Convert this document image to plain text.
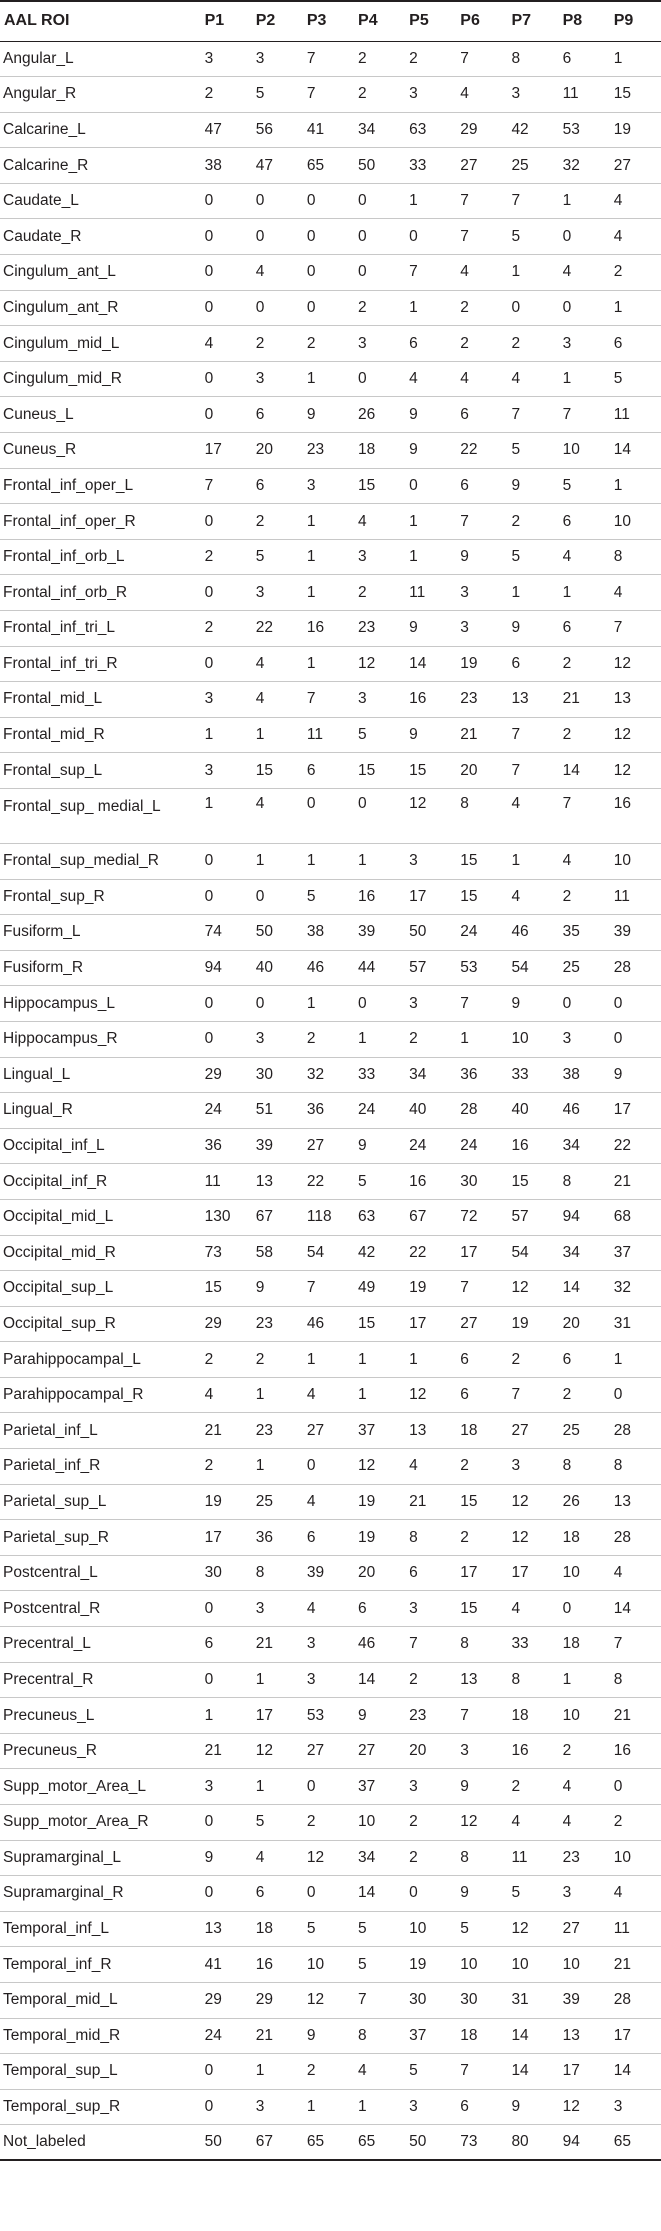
AAL ROI	P1	P2	P3	P4	P5	P6	P7	P8	P9
Angular_L	3	3	7	2	2	7	8	6	1
Angular_R	2	5	7	2	3	4	3	11	15
Calcarine_L	47	56	41	34	63	29	42	53	19
Calcarine_R	38	47	65	50	33	27	25	32	27
Caudate_L	0	0	0	0	1	7	7	1	4
Caudate_R	0	0	0	0	0	7	5	0	4
Cingulum_ant_L	0	4	0	0	7	4	1	4	2
Cingulum_ant_R	0	0	0	2	1	2	0	0	1
Cingulum_mid_L	4	2	2	3	6	2	2	3	6
Cingulum_mid_R	0	3	1	0	4	4	4	1	5
Cuneus_L	0	6	9	26	9	6	7	7	11
Cuneus_R	17	20	23	18	9	22	5	10	14
Frontal_inf_oper_L	7	6	3	15	0	6	9	5	1
Frontal_inf_oper_R	0	2	1	4	1	7	2	6	10
Frontal_inf_orb_L	2	5	1	3	1	9	5	4	8
Frontal_inf_orb_R	0	3	1	2	11	3	1	1	4
Frontal_inf_tri_L	2	22	16	23	9	3	9	6	7
Frontal_inf_tri_R	0	4	1	12	14	19	6	2	12
Frontal_mid_L	3	4	7	3	16	23	13	21	13
Frontal_mid_R	1	1	11	5	9	21	7	2	12
Frontal_sup_L	3	15	6	15	15	20	7	14	12
Frontal_sup_ medial_L	1	4	0	0	12	8	4	7	16
Frontal_sup_medial_R	0	1	1	1	3	15	1	4	10
Frontal_sup_R	0	0	5	16	17	15	4	2	11
Fusiform_L	74	50	38	39	50	24	46	35	39
Fusiform_R	94	40	46	44	57	53	54	25	28
Hippocampus_L	0	0	1	0	3	7	9	0	0
Hippocampus_R	0	3	2	1	2	1	10	3	0
Lingual_L	29	30	32	33	34	36	33	38	9
Lingual_R	24	51	36	24	40	28	40	46	17
Occipital_inf_L	36	39	27	9	24	24	16	34	22
Occipital_inf_R	11	13	22	5	16	30	15	8	21
Occipital_mid_L	130	67	118	63	67	72	57	94	68
Occipital_mid_R	73	58	54	42	22	17	54	34	37
Occipital_sup_L	15	9	7	49	19	7	12	14	32
Occipital_sup_R	29	23	46	15	17	27	19	20	31
Parahippocampal_L	2	2	1	1	1	6	2	6	1
Parahippocampal_R	4	1	4	1	12	6	7	2	0
Parietal_inf_L	21	23	27	37	13	18	27	25	28
Parietal_inf_R	2	1	0	12	4	2	3	8	8
Parietal_sup_L	19	25	4	19	21	15	12	26	13
Parietal_sup_R	17	36	6	19	8	2	12	18	28
Postcentral_L	30	8	39	20	6	17	17	10	4
Postcentral_R	0	3	4	6	3	15	4	0	14
Precentral_L	6	21	3	46	7	8	33	18	7
Precentral_R	0	1	3	14	2	13	8	1	8
Precuneus_L	1	17	53	9	23	7	18	10	21
Precuneus_R	21	12	27	27	20	3	16	2	16
Supp_motor_Area_L	3	1	0	37	3	9	2	4	0
Supp_motor_Area_R	0	5	2	10	2	12	4	4	2
Supramarginal_L	9	4	12	34	2	8	11	23	10
Supramarginal_R	0	6	0	14	0	9	5	3	4
Temporal_inf_L	13	18	5	5	10	5	12	27	11
Temporal_inf_R	41	16	10	5	19	10	10	10	21
Temporal_mid_L	29	29	12	7	30	30	31	39	28
Temporal_mid_R	24	21	9	8	37	18	14	13	17
Temporal_sup_L	0	1	2	4	5	7	14	17	14
Temporal_sup_R	0	3	1	1	3	6	9	12	3
Not_labeled	50	67	65	65	50	73	80	94	65
